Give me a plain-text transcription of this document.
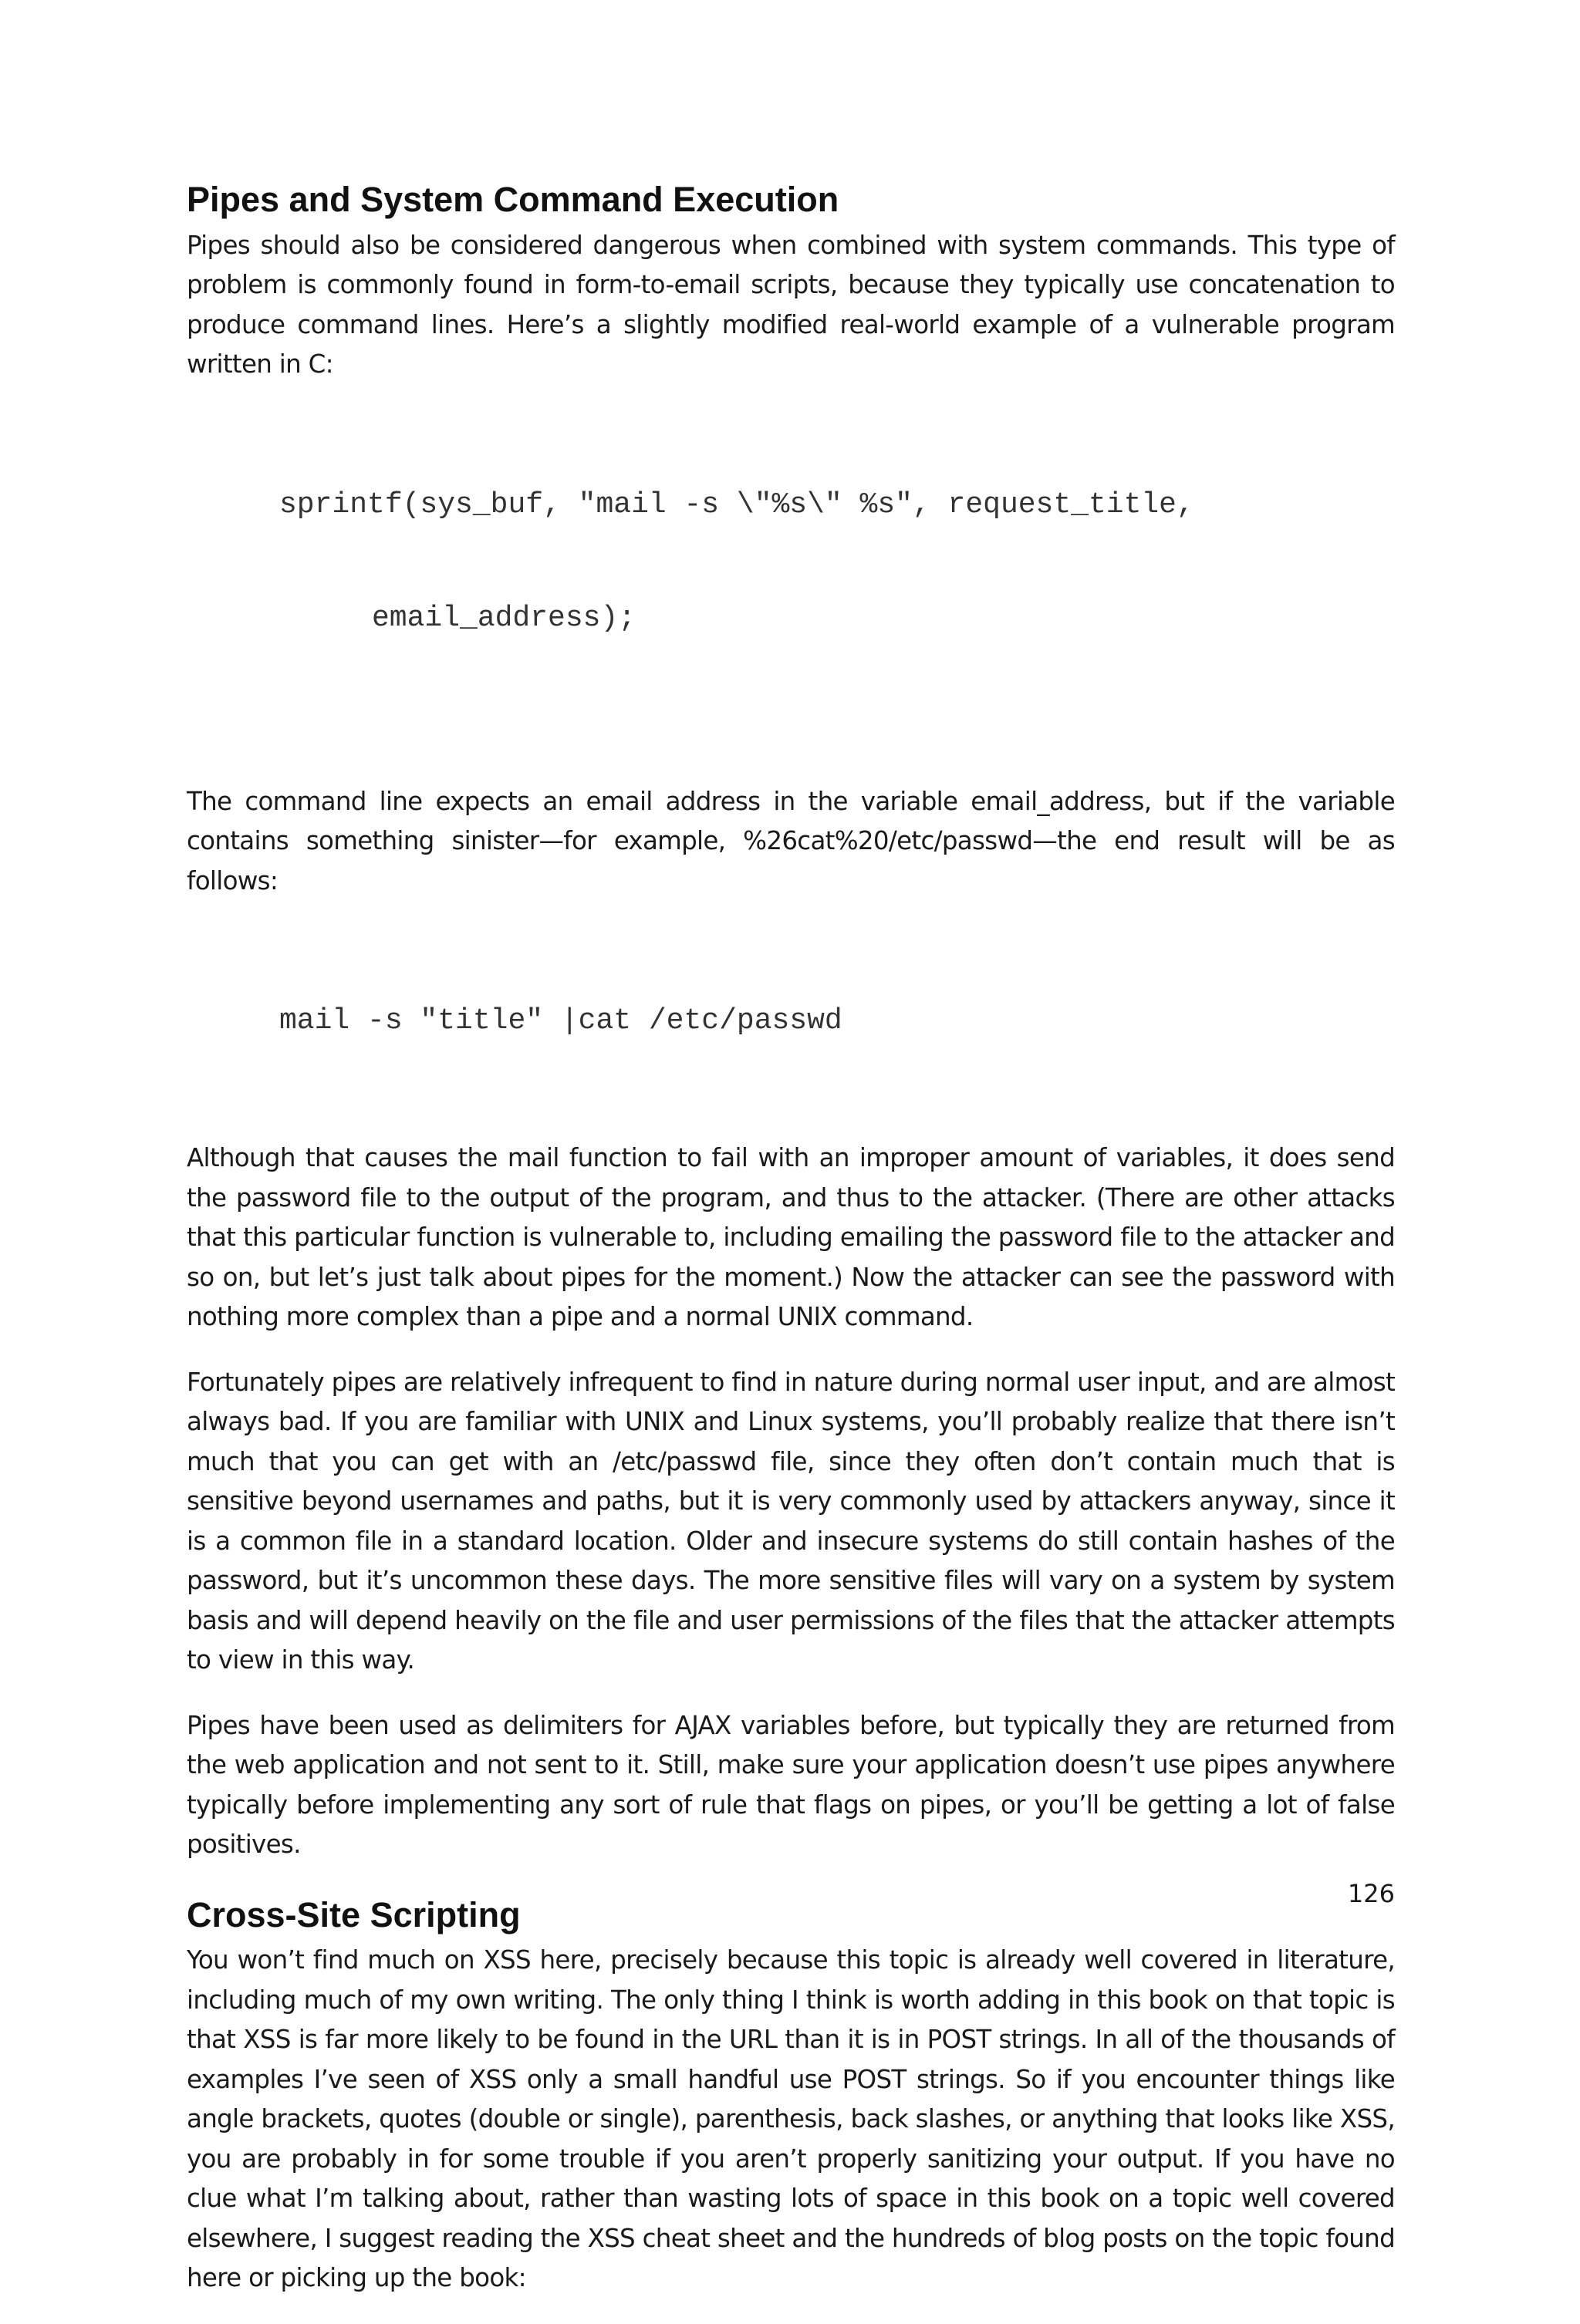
Pipes and System Command Execution

Pipes should also be considered dangerous when combined with system commands. This type of problem is commonly found in form-to-email scripts, because they typically use concatenation to produce command lines. Here’s a slightly modified real-world example of a vulnerable program written in C:

sprintf(sys_buf, "mail -s \"%s\" %s", request_title,

email_address);

The command line expects an email address in the variable email_address, but if the variable contains something sinister—for example, %26cat%20/etc/passwd—the end result will be as follows:

mail -s "title" |cat /etc/passwd

Although that causes the mail function to fail with an improper amount of variables, it does send the password file to the output of the program, and thus to the attacker. (There are other attacks that this particular function is vulnerable to, including emailing the password file to the attacker and so on, but let’s just talk about pipes for the moment.) Now the attacker can see the password with nothing more complex than a pipe and a normal UNIX command.

Fortunately pipes are relatively infrequent to find in nature during normal user input, and are almost always bad. If you are familiar with UNIX and Linux systems, you’ll probably realize that there isn’t much that you can get with an /etc/passwd file, since they often don’t contain much that is sensitive beyond usernames and paths, but it is very commonly used by attackers anyway, since it is a common file in a standard location. Older and insecure systems do still contain hashes of the password, but it’s uncommon these days. The more sensitive files will vary on a system by system basis and will depend heavily on the file and user permissions of the files that the attacker attempts to view in this way.

Pipes have been used as delimiters for AJAX variables before, but typically they are returned from the web application and not sent to it. Still, make sure your application doesn’t use pipes anywhere typically before implementing any sort of rule that flags on pipes, or you’ll be getting a lot of false positives.

Cross-Site Scripting

You won’t find much on XSS here, precisely because this topic is already well covered in literature, including much of my own writing. The only thing I think is worth adding in this book on that topic is that XSS is far more likely to be found in the URL than it is in POST strings. In all of the thousands of examples I’ve seen of XSS only a small handful use POST strings. So if you encounter things like angle brackets, quotes (double or single), parenthesis, back slashes, or anything that looks like XSS, you are probably in for some trouble if you aren’t properly sanitizing your output. If you have no clue what I’m talking about, rather than wasting lots of space in this book on a topic well covered elsewhere, I suggest reading the XSS cheat sheet and the hundreds of blog posts on the topic found here or picking up the book:

126
